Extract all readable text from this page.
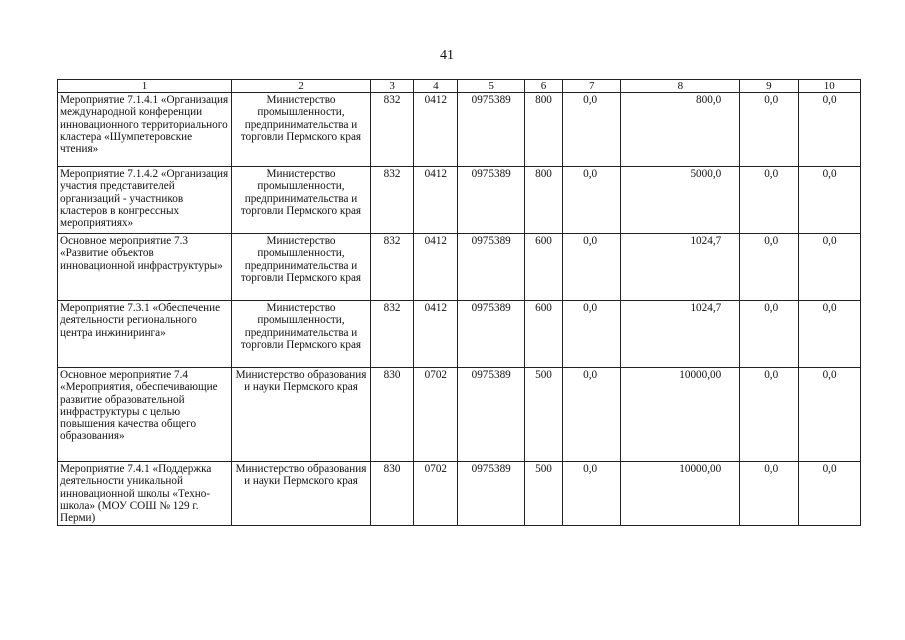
41
1	2	3	4	5	6	7	8	9	10
Мероприятие 7.1.4.1 «Организация международной конференции инновационного территориального кластера «Шумпетеровские чтения»	Министерство промышленности, предпринимательства и торговли Пермского края	832	0412	0975389	800	0,0	800,0	0,0	0,0
Мероприятие 7.1.4.2 «Организация участия представителей организаций - участников кластеров в конгрессных мероприятиях»	Министерство промышленности, предпринимательства и торговли Пермского края	832	0412	0975389	800	0,0	5000,0	0,0	0,0
Основное мероприятие 7.3 «Развитие объектов инновационной инфраструктуры»	Министерство промышленности, предпринимательства и торговли Пермского края	832	0412	0975389	600	0,0	1024,7	0,0	0,0
Мероприятие 7.3.1 «Обеспечение деятельности регионального центра инжиниринга»	Министерство промышленности, предпринимательства и торговли Пермского края	832	0412	0975389	600	0,0	1024,7	0,0	0,0
Основное мероприятие 7.4 «Мероприятия, обеспечивающие развитие образовательной инфраструктуры с целью повышения качества общего образования»	Министерство образования и науки Пермского края	830	0702	0975389	500	0,0	10000,00	0,0	0,0
Мероприятие 7.4.1 «Поддержка деятельности уникальной инновационной школы «Техно-школа» (МОУ СОШ № 129 г. Перми)	Министерство образования и науки Пермского края	830	0702	0975389	500	0,0	10000,00	0,0	0,0
